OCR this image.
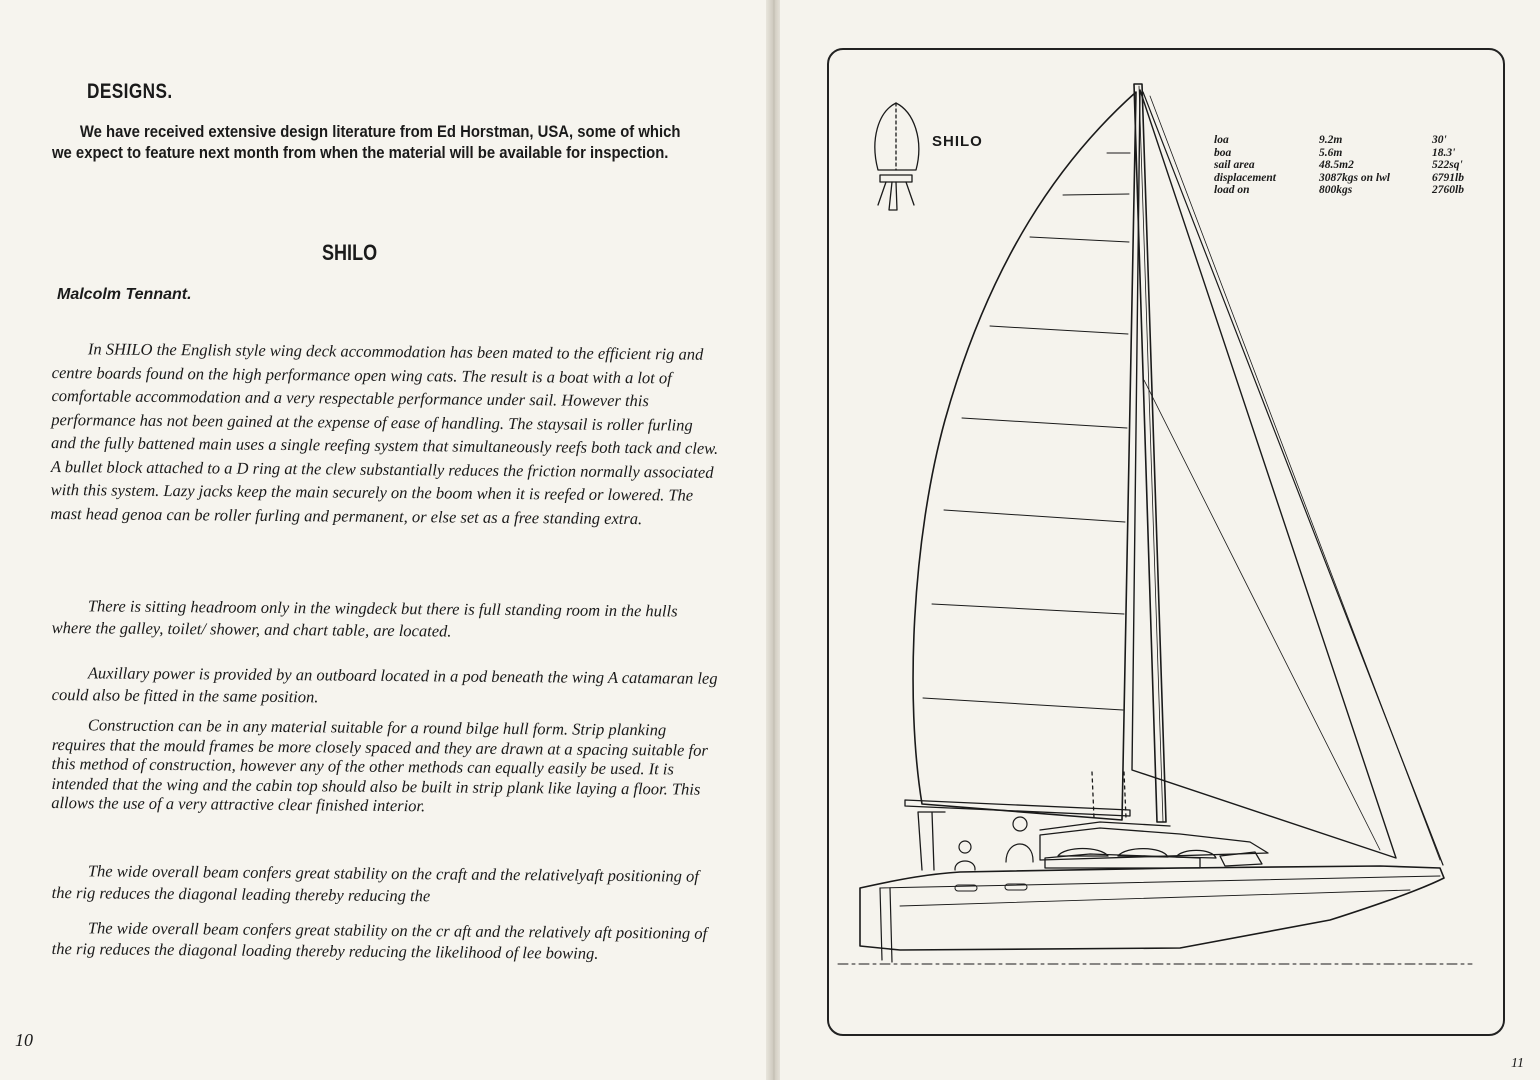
DESIGNS.

We have received extensive design literature from Ed Horstman, USA, some of which we expect to feature next month from when the material will be available for inspection.

SHILO

Malcolm Tennant.

In SHILO the English style wing deck accommodation has been mated to the efficient rig and centre boards found on the high performance open wing cats. The result is a boat with a lot of comfortable accommodation and a very respectable performance under sail. However this performance has not been gained at the expense of ease of handling. The staysail is roller furling and the fully battened main uses a single reefing system that simultaneously reefs both tack and clew. A bullet block attached to a D ring at the clew substantially reduces the friction normally associated with this system. Lazy jacks keep the main securely on the boom when it is reefed or lowered. The mast head genoa can be roller furling and permanent, or else set as a free standing extra.

There is sitting headroom only in the wingdeck but there is full standing room in the hulls where the galley, toilet/ shower, and chart table, are located.

Auxillary power is provided by an outboard located in a pod beneath the wing A catamaran leg could also be fitted in the same position.

Construction can be in any material suitable for a round bilge hull form. Strip planking requires that the mould frames be more closely spaced and they are drawn at a spacing suitable for this method of construction, however any of the other methods can equally easily be used. It is intended that the wing and the cabin top should also be built in strip plank like laying a floor. This allows the use of a very attractive clear finished interior.

The wide overall beam confers great stability on the craft and the relativelyaft positioning of the rig reduces the diagonal leading thereby reducing the

The wide overall beam confers great stability on the cr aft and the relatively aft positioning of the rig reduces the diagonal loading thereby reducing the likelihood of lee bowing.

10
SHILO	loa	9.2m	30'
boa	5.6m	18.3'
sail area	48.5m2	522sq'
displacement	3087kgs on lwl	6791lb
load on	800kgs	2760lb
11
